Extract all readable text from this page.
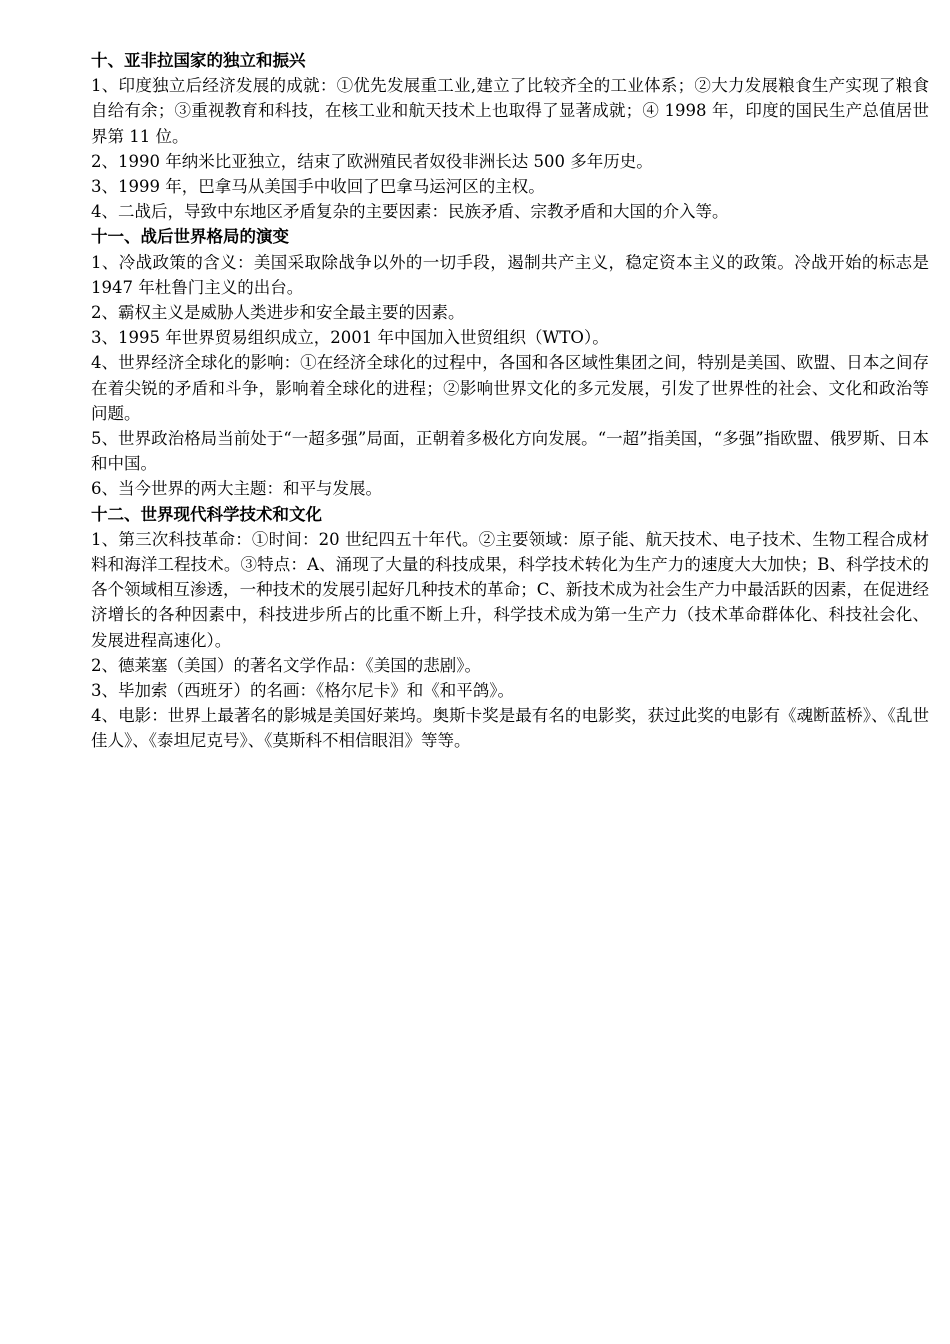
十、亚非拉国家的独立和振兴

1、印度独立后经济发展的成就：①优先发展重工业,建立了比较齐全的工业体系；②大力发展粮食生产实现了粮食自给有余；③重视教育和科技，在核工业和航天技术上也取得了显著成就；④ 1998 年，印度的国民生产总值居世界第 11 位。

2、1990 年纳米比亚独立，结束了欧洲殖民者奴役非洲长达 500 多年历史。

3、1999 年，巴拿马从美国手中收回了巴拿马运河区的主权。

4、二战后，导致中东地区矛盾复杂的主要因素：民族矛盾、宗教矛盾和大国的介入等。

十一、战后世界格局的演变

1、冷战政策的含义：美国采取除战争以外的一切手段，遏制共产主义，稳定资本主义的政策。冷战开始的标志是 1947 年杜鲁门主义的出台。

2、霸权主义是威胁人类进步和安全最主要的因素。

3、1995 年世界贸易组织成立，2001 年中国加入世贸组织（WTO）。

4、世界经济全球化的影响：①在经济全球化的过程中，各国和各区域性集团之间，特别是美国、欧盟、日本之间存在着尖锐的矛盾和斗争，影响着全球化的进程；②影响世界文化的多元发展，引发了世界性的社会、文化和政治等问题。

5、世界政治格局当前处于“一超多强”局面，正朝着多极化方向发展。“一超”指美国，“多强”指欧盟、俄罗斯、日本和中国。

6、当今世界的两大主题：和平与发展。

十二、世界现代科学技术和文化

1、第三次科技革命：①时间：20 世纪四五十年代。②主要领域：原子能、航天技术、电子技术、生物工程合成材料和海洋工程技术。③特点：A、涌现了大量的科技成果，科学技术转化为生产力的速度大大加快；B、科学技术的各个领域相互渗透，一种技术的发展引起好几种技术的革命；C、新技术成为社会生产力中最活跃的因素，在促进经济增长的各种因素中，科技进步所占的比重不断上升，科学技术成为第一生产力（技术革命群体化、科技社会化、发展进程高速化）。

2、德莱塞（美国）的著名文学作品：《美国的悲剧》。

3、毕加索（西班牙）的名画：《格尔尼卡》和《和平鸽》。

4、电影：世界上最著名的影城是美国好莱坞。奥斯卡奖是最有名的电影奖，获过此奖的电影有《魂断蓝桥》、《乱世佳人》、《泰坦尼克号》、《莫斯科不相信眼泪》等等。
